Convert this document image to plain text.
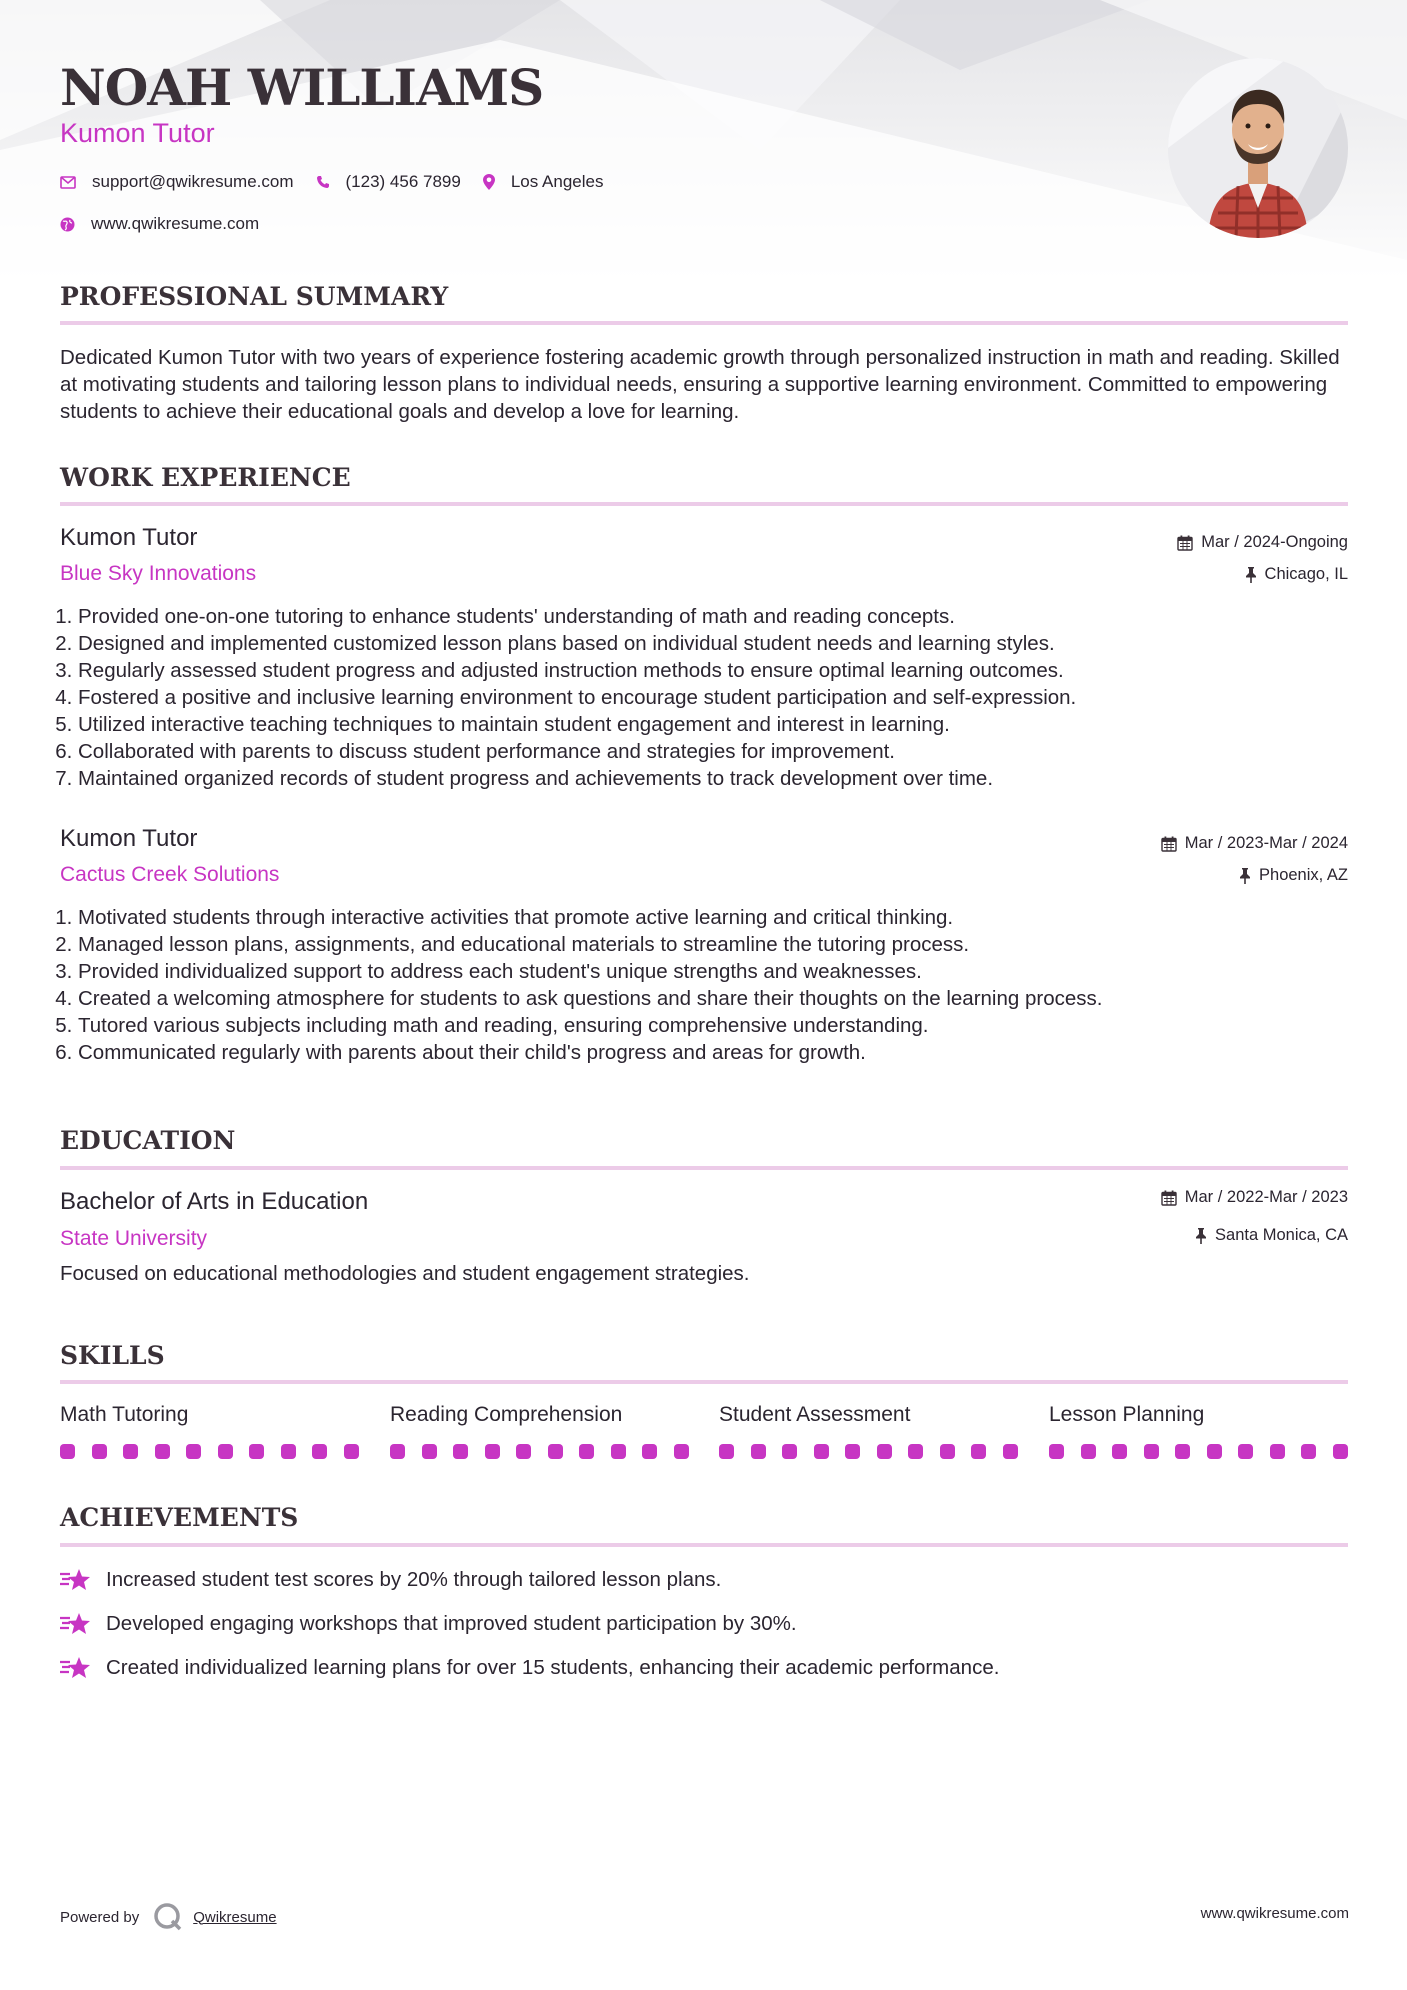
NOAH WILLIAMS
Kumon Tutor
support@qwikresume.com	(123) 456 7899	Los Angeles
www.qwikresume.com
PROFESSIONAL SUMMARY

Dedicated Kumon Tutor with two years of experience fostering academic growth through personalized instruction in math and reading. Skilled at motivating students and tailoring lesson plans to individual needs, ensuring a supportive learning environment. Committed to empowering students to achieve their educational goals and develop a love for learning.

WORK EXPERIENCE
Kumon Tutor
Blue Sky Innovations
Mar / 2024-Ongoing
Chicago, IL
1. Provided one-on-one tutoring to enhance students' understanding of math and reading concepts.
2. Designed and implemented customized lesson plans based on individual student needs and learning styles.
3. Regularly assessed student progress and adjusted instruction methods to ensure optimal learning outcomes.
4. Fostered a positive and inclusive learning environment to encourage student participation and self-expression.
5. Utilized interactive teaching techniques to maintain student engagement and interest in learning.
6. Collaborated with parents to discuss student performance and strategies for improvement.
7. Maintained organized records of student progress and achievements to track development over time.
Kumon Tutor
Cactus Creek Solutions
Mar / 2023-Mar / 2024
Phoenix, AZ
1. Motivated students through interactive activities that promote active learning and critical thinking.
2. Managed lesson plans, assignments, and educational materials to streamline the tutoring process.
3. Provided individualized support to address each student's unique strengths and weaknesses.
4. Created a welcoming atmosphere for students to ask questions and share their thoughts on the learning process.
5. Tutored various subjects including math and reading, ensuring comprehensive understanding.
6. Communicated regularly with parents about their child's progress and areas for growth.
EDUCATION
Bachelor of Arts in Education
State University
Mar / 2022-Mar / 2023
Santa Monica, CA
Focused on educational methodologies and student engagement strategies.
SKILLS
Math Tutoring	Reading Comprehension	Student Assessment	Lesson Planning
ACHIEVEMENTS
Increased student test scores by 20% through tailored lesson plans.
Developed engaging workshops that improved student participation by 30%.
Created individualized learning plans for over 15 students, enhancing their academic performance.
Powered by	Qwikresume	www.qwikresume.com
